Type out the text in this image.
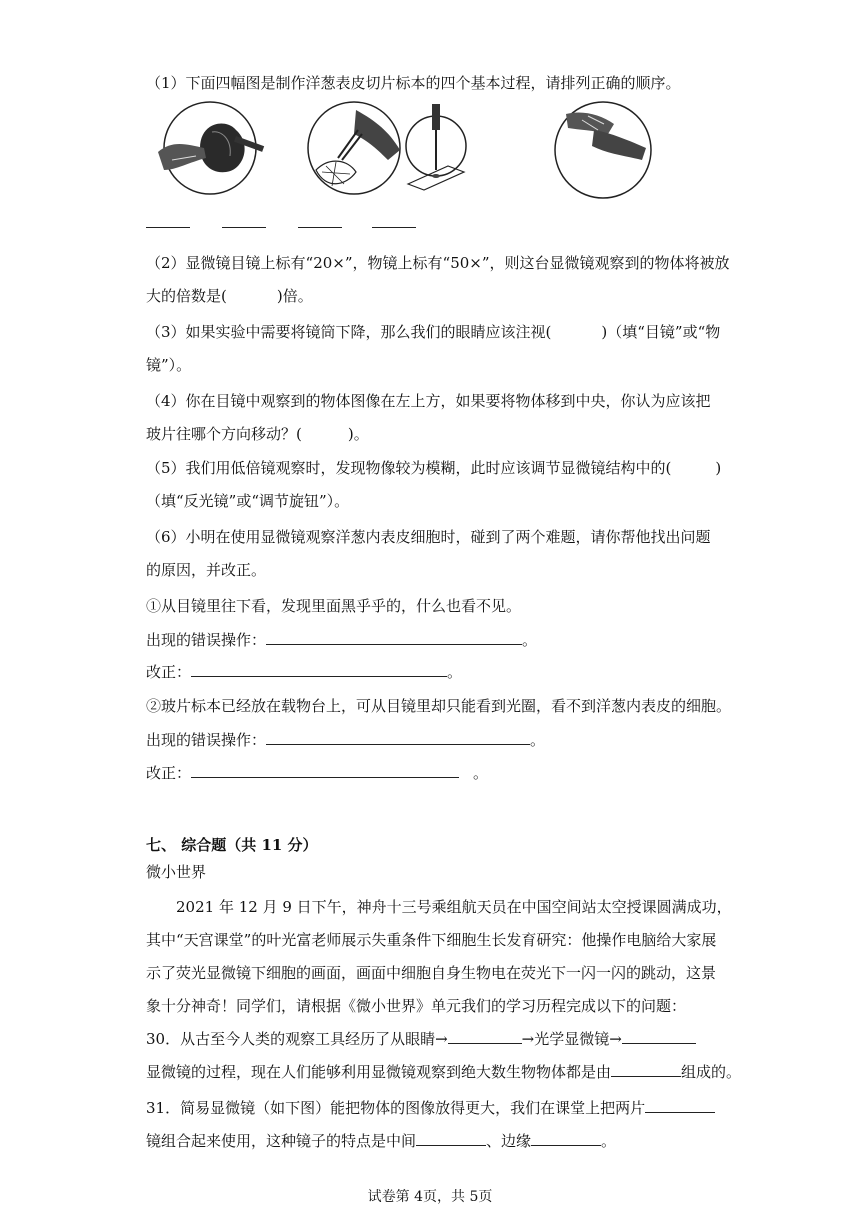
（1）下面四幅图是制作洋葱表皮切片标本的四个基本过程，请排列正确的顺序。
（2）显微镜目镜上标有“20×”，物镜上标有“50×”，则这台显微镜观察到的物体将被放
大的倍数是(	)倍。
（3）如果实验中需要将镜筒下降，那么我们的眼睛应该注视(	)（填“目镜”或“物
镜”）。
（4）你在目镜中观察到的物体图像在左上方，如果要将物体移到中央，你认为应该把
玻片往哪个方向移动？(	)。
（5）我们用低倍镜观察时，发现物像较为模糊，此时应该调节显微镜结构中的(	)
（填“反光镜”或“调节旋钮”）。
（6）小明在使用显微镜观察洋葱内表皮细胞时，碰到了两个难题，请你帮他找出问题
的原因，并改正。
①从目镜里往下看，发现里面黑乎乎的，什么也看不见。
出现的错误操作：	。
改正：	。
②玻片标本已经放在载物台上，可从目镜里却只能看到光圈，看不到洋葱内表皮的细胞。
出现的错误操作：	。
改正：	。
七、 综合题（共 11 分）
微小世界
2021 年 12 月 9 日下午，神舟十三号乘组航天员在中国空间站太空授课圆满成功，
其中“天宫课堂”的叶光富老师展示失重条件下细胞生长发育研究：他操作电脑给大家展
示了荧光显微镜下细胞的画面，画面中细胞自身生物电在荧光下一闪一闪的跳动，这景
象十分神奇！同学们，请根据《微小世界》单元我们的学习历程完成以下的问题：
30．从古至今人类的观察工具经历了从眼睛→	→光学显微镜→
显微镜的过程，现在人们能够利用显微镜观察到绝大数生物物体都是由	组成的。
31．简易显微镜（如下图）能把物体的图像放得更大，我们在课堂上把两片
镜组合起来使用，这种镜子的特点是中间	、边缘	。
试卷第 4页，共 5页
